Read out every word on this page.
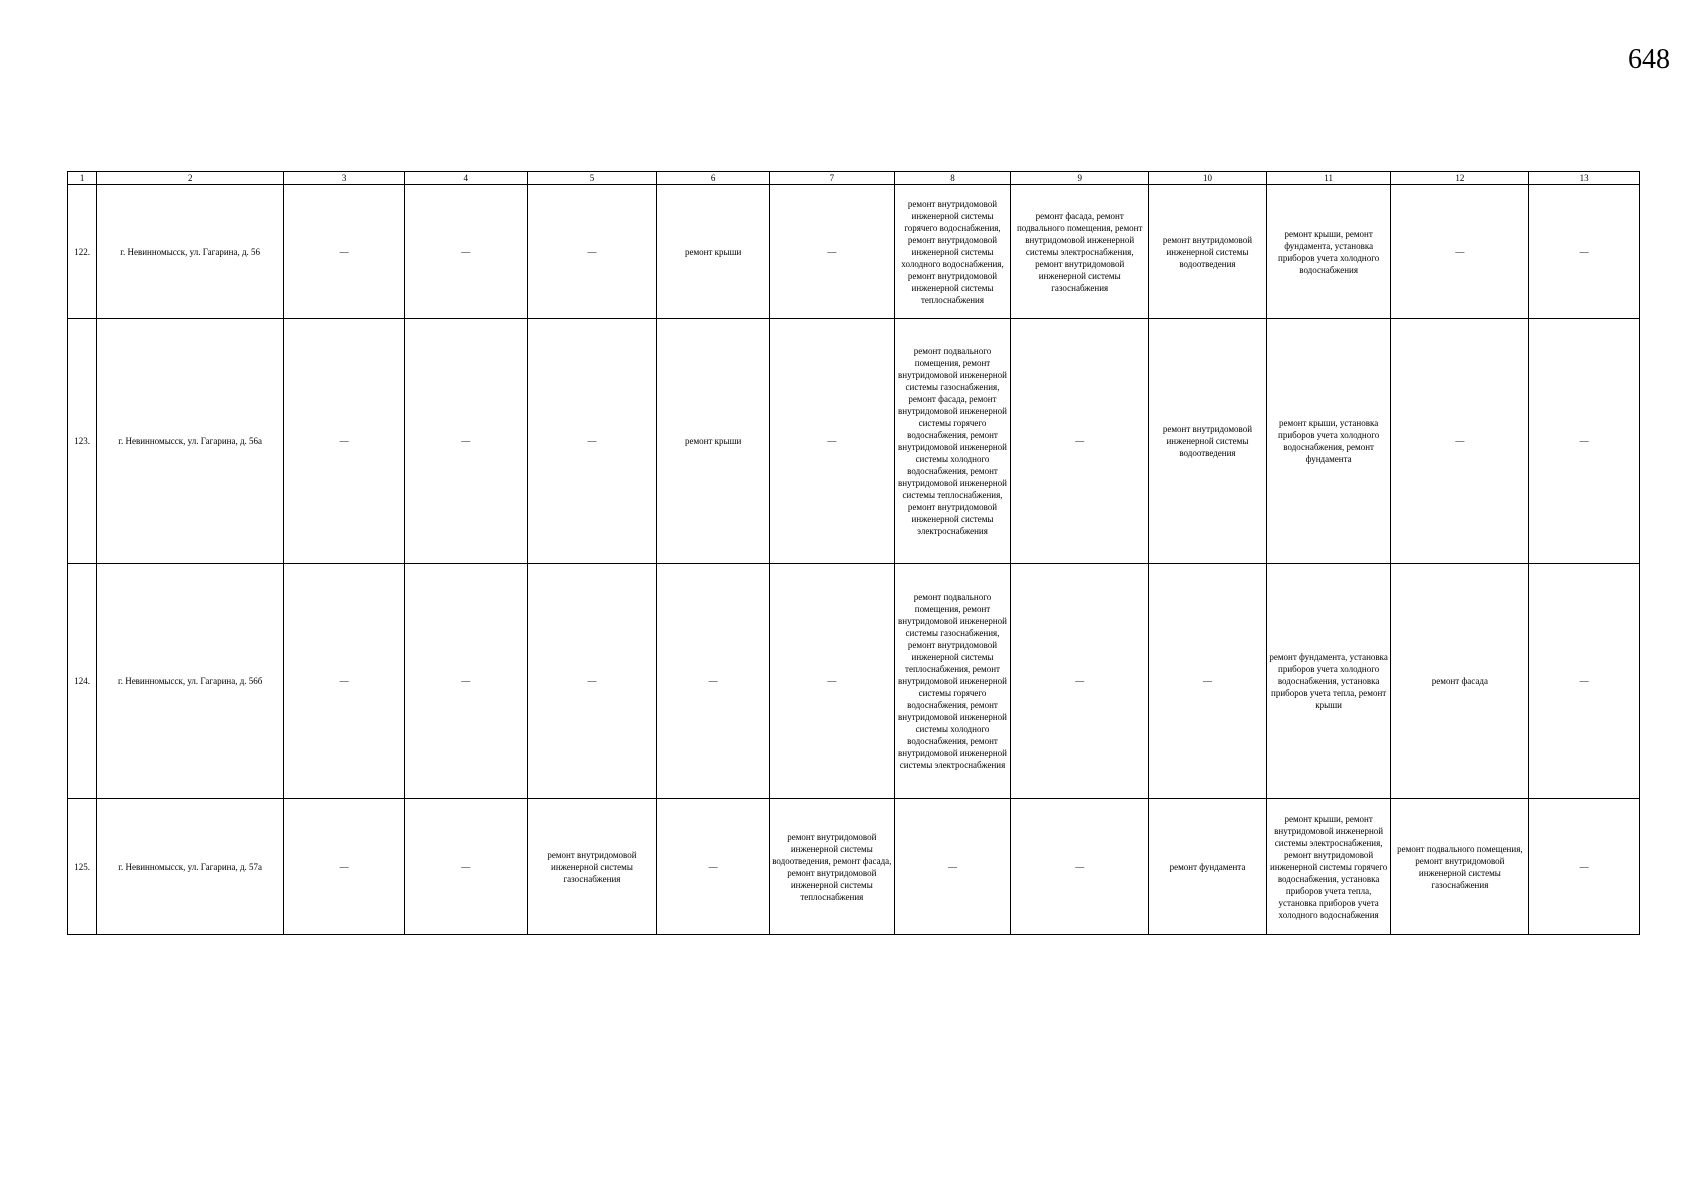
648
1	2	3	4	5	6	7	8	9	10	11	12	13
122.	г. Невинномысск, ул. Гагарина, д. 56	—	—	—	ремонт крыши	—	ремонт внутридомовой инженерной системы горячего водоснабжения, ремонт внутридомовой инженерной системы холодного водоснабжения, ремонт внутридомовой инженерной системы теплоснабжения	ремонт фасада, ремонт подвального помещения, ремонт внутридомовой инженерной системы электроснабжения, ремонт внутридомовой инженерной системы газоснабжения	ремонт внутридомовой инженерной системы водоотведения	ремонт крыши, ремонт фундамента, установка приборов учета холодного водоснабжения	—	—
123.	г. Невинномысск, ул. Гагарина, д. 56а	—	—	—	ремонт крыши	—	ремонт подвального помещения, ремонт внутридомовой инженерной системы газоснабжения, ремонт фасада, ремонт внутридомовой инженерной системы горячего водоснабжения, ремонт внутридомовой инженерной системы холодного водоснабжения, ремонт внутридомовой инженерной системы теплоснабжения, ремонт внутридомовой инженерной системы электроснабжения	—	ремонт внутридомовой инженерной системы водоотведения	ремонт крыши, установка приборов учета холодного водоснабжения, ремонт фундамента	—	—
124.	г. Невинномысск, ул. Гагарина, д. 56б	—	—	—	—	—	ремонт подвального помещения, ремонт внутридомовой инженерной системы газоснабжения, ремонт внутридомовой инженерной системы теплоснабжения, ремонт внутридомовой инженерной системы горячего водоснабжения, ремонт внутридомовой инженерной системы холодного водоснабжения, ремонт внутридомовой инженерной системы электроснабжения	—	—	ремонт фундамента, установка приборов учета холодного водоснабжения, установка приборов учета тепла, ремонт крыши	ремонт фасада	—
125.	г. Невинномысск, ул. Гагарина, д. 57а	—	—	ремонт внутридомовой инженерной системы газоснабжения	—	ремонт внутридомовой инженерной системы водоотведения, ремонт фасада, ремонт внутридомовой инженерной системы теплоснабжения	—	—	ремонт фундамента	ремонт крыши, ремонт внутридомовой инженерной системы электроснабжения, ремонт внутридомовой инженерной системы горячего водоснабжения, установка приборов учета тепла, установка приборов учета холодного водоснабжения	ремонт подвального помещения, ремонт внутридомовой инженерной системы газоснабжения	—
